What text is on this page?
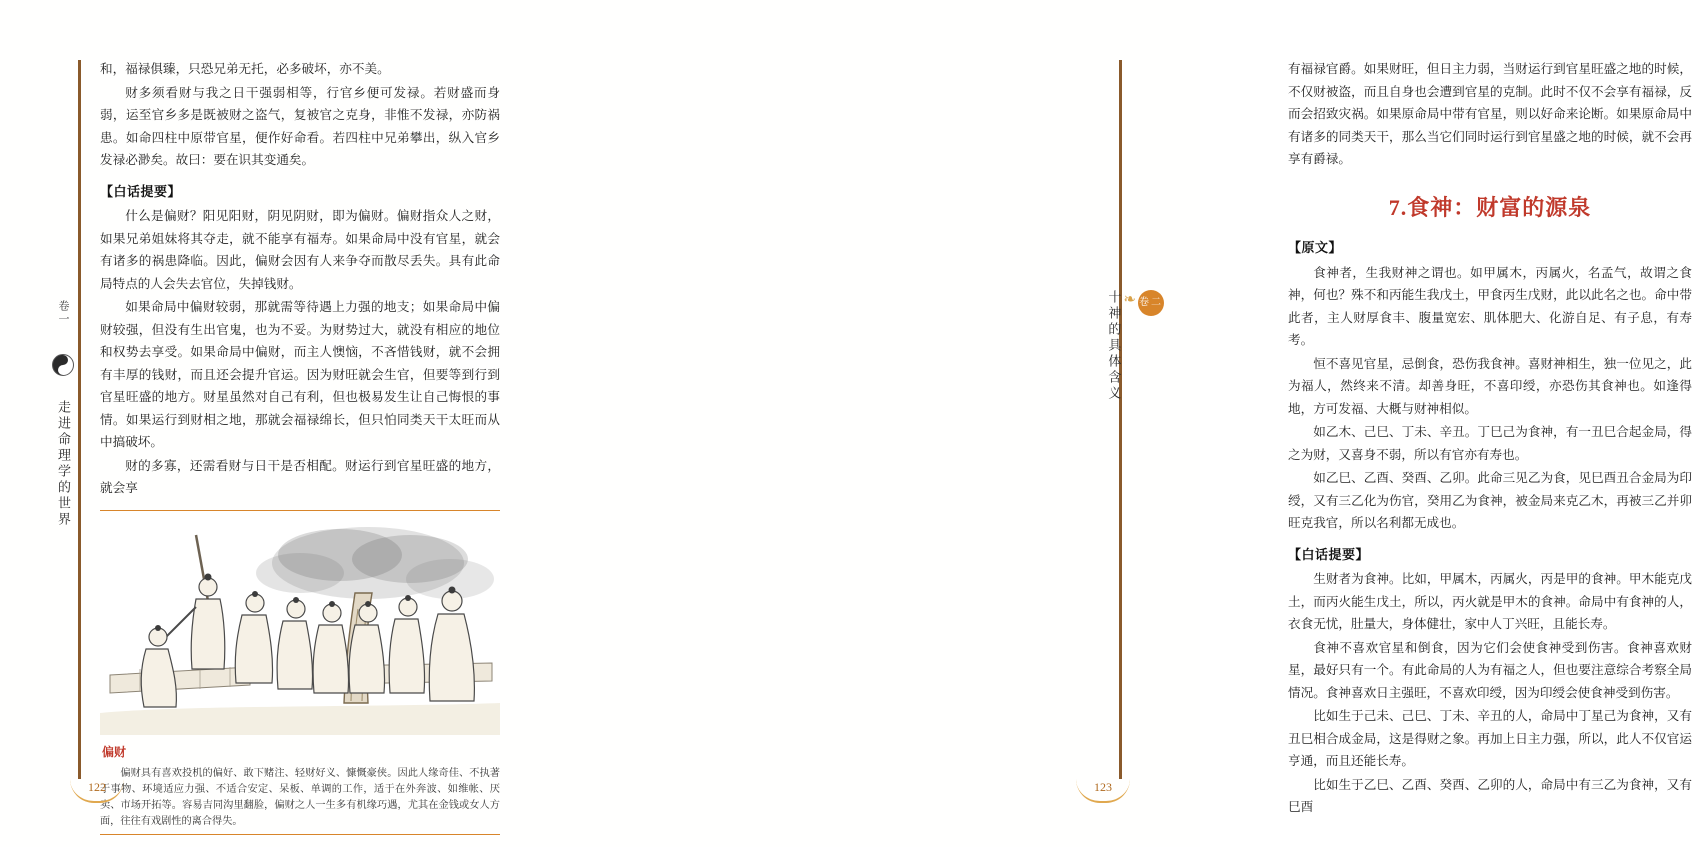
卷一  走进命理学的世界

和，福禄俱臻，只恐兄弟无托，必多破坏，亦不美。

财多须看财与我之日干强弱相等，行官乡便可发禄。若财盛而身弱，运至官乡多是既被财之盗气，复被官之克身，非惟不发禄，亦防祸患。如命四柱中原带官星，便作好命看。若四柱中兄弟攀出，纵入官乡　发禄必渺矣。故曰：要在识其变通矣。

【白话提要】

什么是偏财？阳见阳财，阴见阴财，即为偏财。偏财指众人之财，如果兄弟姐妹将其夺走，就不能享有福寿。如果命局中没有官星，就会有诸多的祸患降临。因此，偏财会因有人来争夺而散尽丢失。具有此命局特点的人会失去官位，失掉钱财。

如果命局中偏财较弱，那就需等待遇上力强的地支；如果命局中偏财较强，但没有生出官鬼，也为不妥。为财势过大，就没有相应的地位和权势去享受。如果命局中偏财，而主人懊恼，不吝惜钱财，就不会拥有丰厚的钱财，而且还会提升官运。因为财旺就会生官，但要等到行到官星旺盛的地方。财星虽然对自己有利，但也极易发生让自己悔恨的事情。如果运行到财相之地，那就会福禄绵长，但只怕同类天干太旺而从中搞破坏。

财的多寡，还需看财与日干是否相配。财运行到官星旺盛的地方，就会享

偏财
偏财具有喜欢投机的偏好、敢下赌注、轻财好义、慷慨豪侠。因此人缘奇佳、不执著于事物、环境适应力强、不适合安定、呆板、单调的工作，适于在外奔波、如维帐、厌卖、市场开拓等。容易吉同沟里翻脸，偏财之人一生多有机缘巧遇，尤其在金钱或女人方面，往往有戏剧性的离合得失。
122
卷二
❧
十神的具体含义

有福禄官爵。如果财旺，但日主力弱，当财运行到官星旺盛之地的时候，不仅财被盗，而且自身也会遭到官星的克制。此时不仅不会享有福禄，反而会招致灾祸。如果原命局中带有官星，则以好命来论断。如果原命局中有诸多的同类天干，那么当它们同时运行到官星盛之地的时候，就不会再享有爵禄。

7.食神：财富的源泉
【原文】

食神者，生我财神之谓也。如甲属木，丙属火，名孟气，故谓之食神，何也？殊不和丙能生我戊土，甲食丙生戊财，此以此名之也。命中带此者，主人财厚食丰、腹量宽宏、肌体肥大、化游自足、有子息，有寿考。

恒不喜见官星，忌倒食，恐伤我食神。喜财神相生，独一位见之，此为福人，然终来不清。却善身旺，不喜印绶，亦恐伤其食神也。如逢得地，方可发福、大概与财神相似。

如乙木、己巳、丁未、辛丑。丁巳己为食神，有一丑巳合起金局，得之为财，又喜身不弱，所以有官亦有寿也。

如乙巳、乙酉、癸酉、乙卯。此命三见乙为食，见巳酉丑合金局为印绶，又有三乙化为伤官，癸用乙为食神，被金局来克乙木，再被三乙并卯旺克我官，所以名利都无成也。

【白话提要】

生财者为食神。比如，甲属木，丙属火，丙是甲的食神。甲木能克戊土，而丙火能生戊土，所以，丙火就是甲木的食神。命局中有食神的人，衣食无忧，肚量大，身体健壮，家中人丁兴旺，且能长寿。

食神不喜欢官星和倒食，因为它们会使食神受到伤害。食神喜欢财星，最好只有一个。有此命局的人为有福之人，但也要注意综合考察全局情况。食神喜欢日主强旺，不喜欢印绶，因为印绶会使食神受到伤害。

比如生于己未、己巳、丁未、辛丑的人，命局中丁星己为食神，又有丑巳相合成金局，这是得财之象。再加上日主力强，所以，此人不仅官运亨通，而且还能长寿。

比如生于乙巳、乙酉、癸酉、乙卯的人，命局中有三乙为食神，又有巳酉

123
